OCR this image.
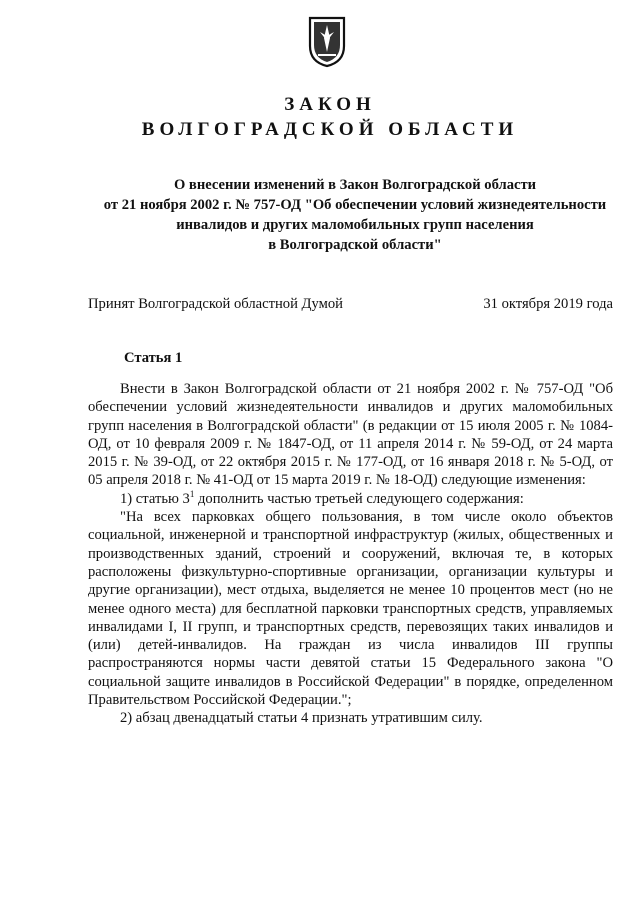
ЗАКОН
ВОЛГОГРАДСКОЙ ОБЛАСТИ
О внесении изменений в Закон Волгоградской области
от 21 ноября 2002 г. № 757-ОД "Об обеспечении условий жизнедеятельности
инвалидов и других маломобильных групп населения
в Волгоградской области"
Принят Волгоградской областной Думой	31 октября 2019 года
Статья 1

Внести в Закон Волгоградской области от 21 ноября 2002 г. № 757-ОД "Об обеспечении условий жизнедеятельности инвалидов и других маломобильных групп населения в Волгоградской области" (в редакции от 15 июля 2005 г. № 1084-ОД, от 10 февраля 2009 г. № 1847-ОД, от 11 апреля 2014 г. № 59-ОД, от 24 марта 2015 г. № 39-ОД, от 22 октября 2015 г. № 177-ОД, от 16 января 2018 г. № 5-ОД, от 05 апреля 2018 г. № 41-ОД от 15 марта 2019 г. № 18-ОД) следующие изменения:

1) статью $3^1$ дополнить частью третьей следующего содержания:

"На всех парковках общего пользования, в том числе около объектов социальной, инженерной и транспортной инфраструктур (жилых, общественных и производственных зданий, строений и сооружений, включая те, в которых расположены физкультурно-спортивные организации, организации культуры и другие организации), мест отдыха, выделяется не менее 10 процентов мест (но не менее одного места) для бесплатной парковки транспортных средств, управляемых инвалидами I, II групп, и транспортных средств, перевозящих таких инвалидов и (или) детей-инвалидов. На граждан из числа инвалидов III группы распространяются нормы части девятой статьи 15 Федерального закона "О социальной защите инвалидов в Российской Федерации" в порядке, определенном Правительством Российской Федерации.";

2) абзац двенадцатый статьи 4 признать утратившим силу.
